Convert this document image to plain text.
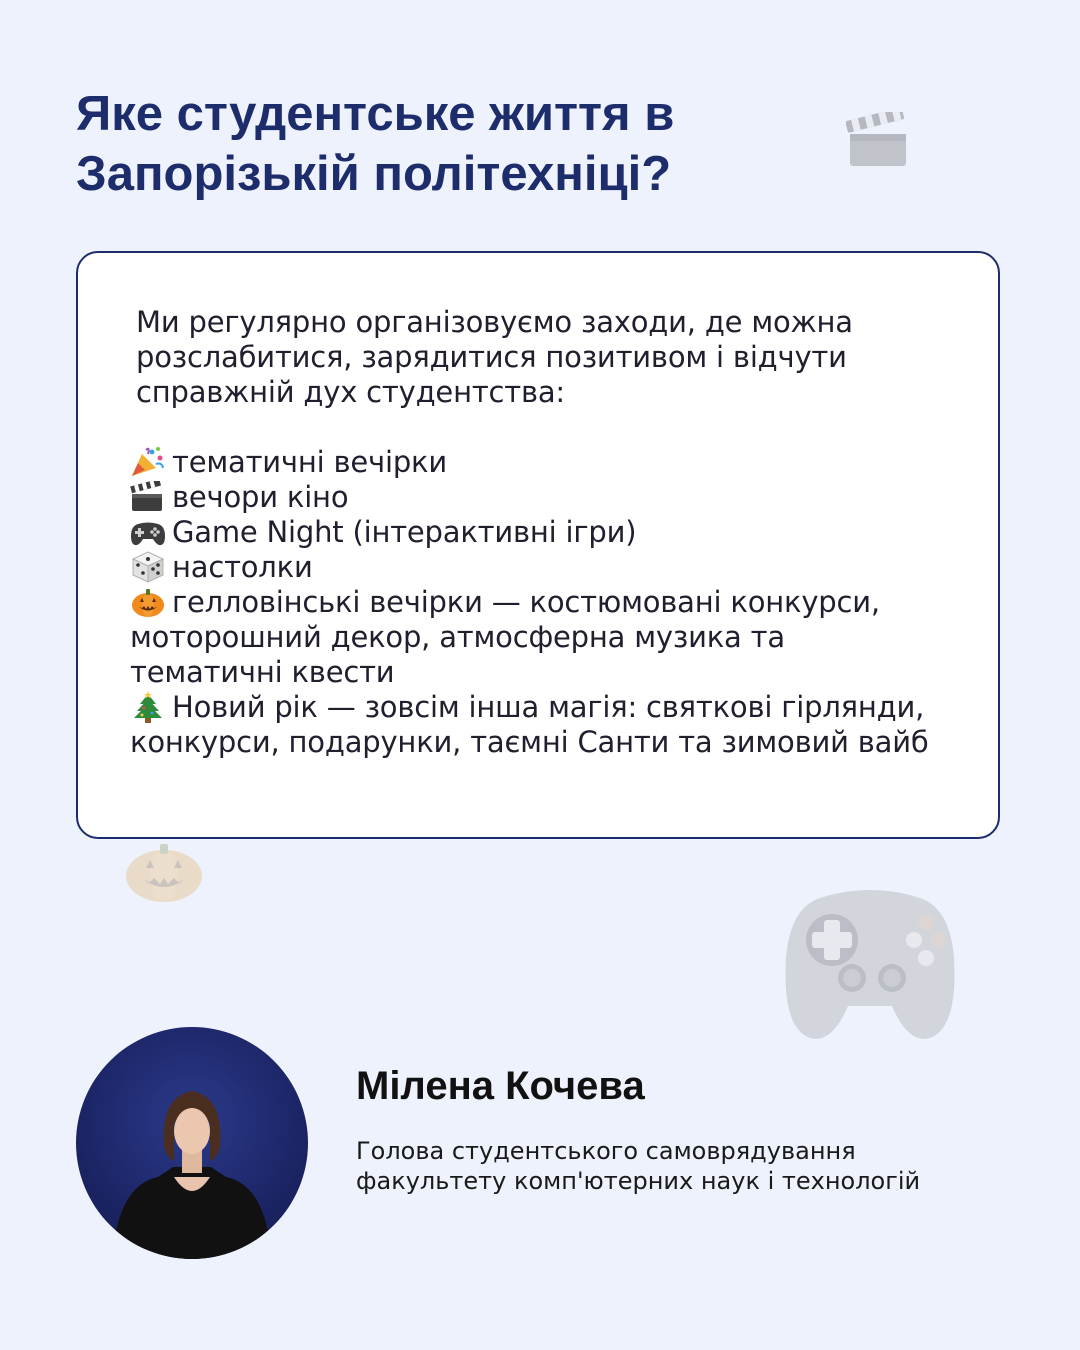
Яке студентське життя в Запорізькій політехніці?

Ми регулярно організовуємо заходи, де можна розслабитися, зарядитися позитивом і відчути справжній дух студентства:

тематичні вечірки
вечори кіно
Game Night (інтерактивні ігри)
настолки
гелловінські вечірки — костюмовані конкурси, моторошний декор, атмосферна музика та тематичні квести
Новий рік — зовсім інша магія: святкові гірлянди, конкурси, подарунки, таємні Санти та зимовий вайб
Мілена Кочева

Голова студентського самоврядування факультету комп'ютерних наук і технологій
